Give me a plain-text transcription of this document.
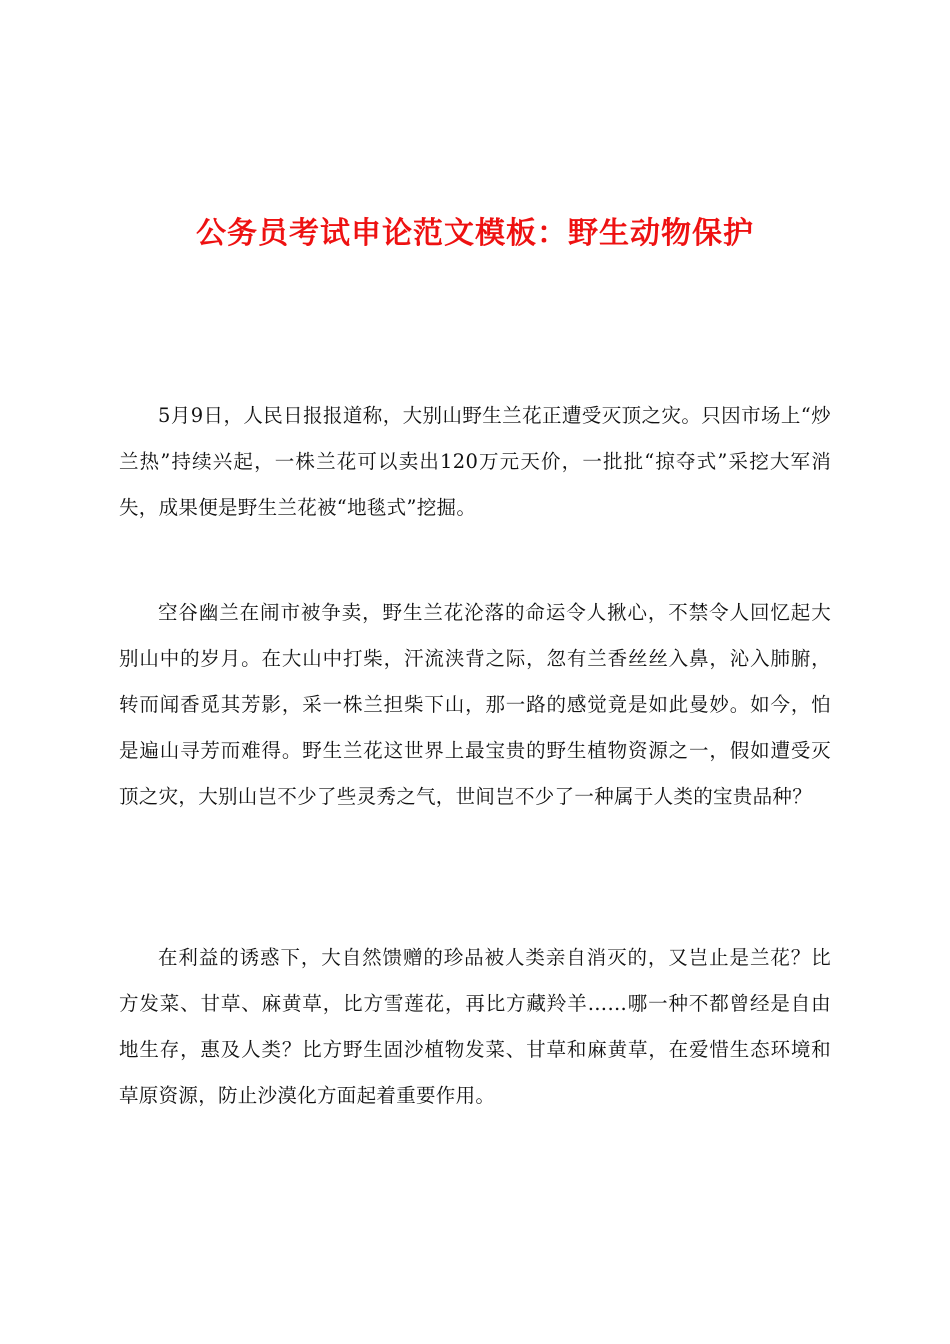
公务员考试申论范文模板：野生动物保护

5月9日，人民日报报道称，大别山野生兰花正遭受灭顶之灾。只因市场上“炒兰热”持续兴起，一株兰花可以卖出120万元天价，一批批“掠夺式”采挖大军消失，成果便是野生兰花被“地毯式”挖掘。

空谷幽兰在闹市被争卖，野生兰花沦落的命运令人揪心，不禁令人回忆起大别山中的岁月。在大山中打柴，汗流浃背之际，忽有兰香丝丝入鼻，沁入肺腑，转而闻香觅其芳影，采一株兰担柴下山，那一路的感觉竟是如此曼妙。如今，怕是遍山寻芳而难得。野生兰花这世界上最宝贵的野生植物资源之一，假如遭受灭顶之灾，大别山岂不少了些灵秀之气，世间岂不少了一种属于人类的宝贵品种？

在利益的诱惑下，大自然馈赠的珍品被人类亲自消灭的，又岂止是兰花？比方发菜、甘草、麻黄草，比方雪莲花，再比方藏羚羊……哪一种不都曾经是自由地生存，惠及人类？比方野生固沙植物发菜、甘草和麻黄草，在爱惜生态环境和草原资源，防止沙漠化方面起着重要作用。
